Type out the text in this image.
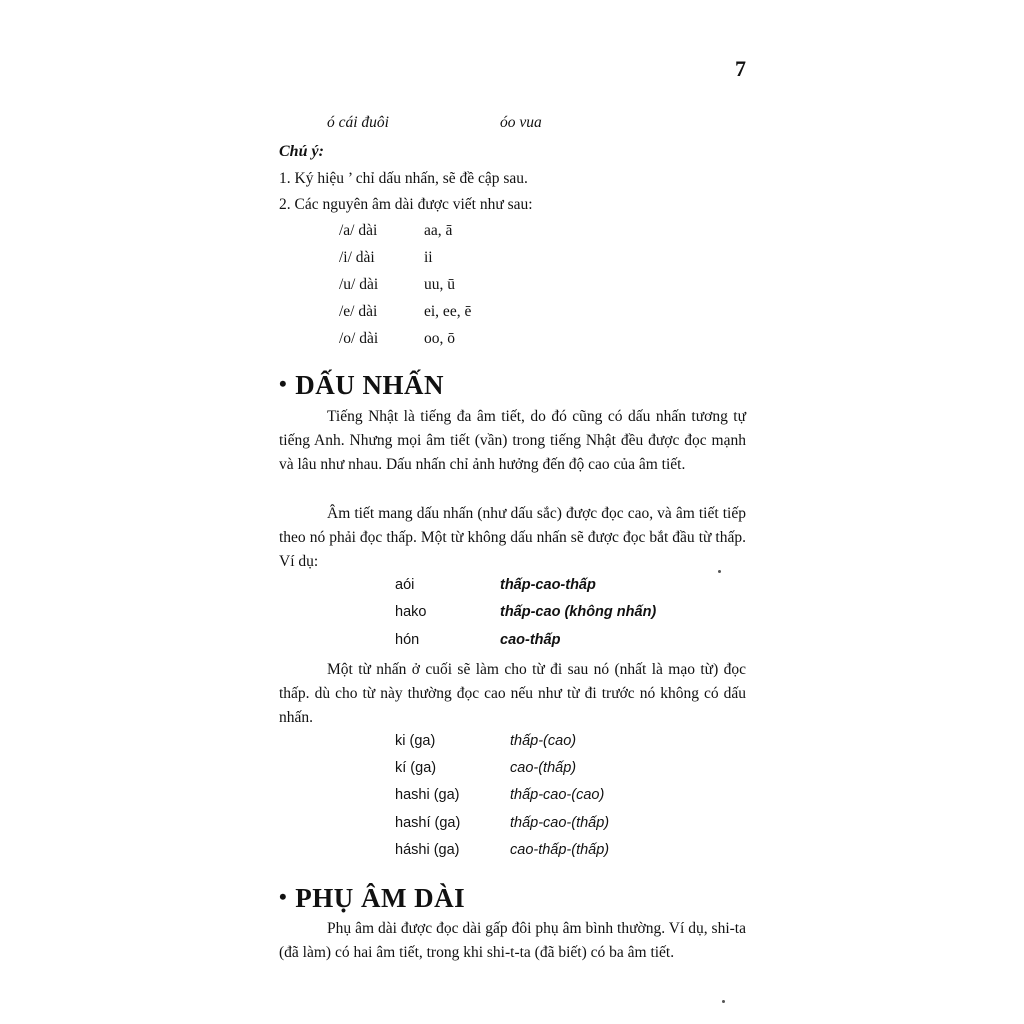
7
ó cái đuôi	óo vua
Chú ý:
1. Ký hiệu ’ chỉ dấu nhấn, sẽ đề cập sau.
2. Các nguyên âm dài được viết như sau:
/a/ dài	aa, ā
/i/ dài	ii
/u/ dài	uu, ū
/e/ dài	ei, ee, ē
/o/ dài	oo, ō
• DẤU NHẤN
Tiếng Nhật là tiếng đa âm tiết, do đó cũng có dấu nhấn tương tự tiếng Anh. Nhưng mọi âm tiết (vần) trong tiếng Nhật đều được đọc mạnh và lâu như nhau. Dấu nhấn chỉ ảnh hưởng đến độ cao của âm tiết.
Âm tiết mang dấu nhấn (như dấu sắc) được đọc cao, và âm tiết tiếp theo nó phải đọc thấp. Một từ không dấu nhấn sẽ được đọc bắt đầu từ thấp. Ví dụ:
aói	thấp-cao-thấp
hako	thấp-cao (không nhấn)
hón	cao-thấp
Một từ nhấn ở cuối sẽ làm cho từ đi sau nó (nhất là mạo từ) đọc thấp. dù cho từ này thường đọc cao nếu như từ đi trước nó không có dấu nhấn.
ki (ga)	thấp-(cao)
kí (ga)	cao-(thấp)
hashi (ga)	thấp-cao-(cao)
hashí (ga)	thấp-cao-(thấp)
háshi (ga)	cao-thấp-(thấp)
• PHỤ ÂM DÀI
Phụ âm dài được đọc dài gấp đôi phụ âm bình thường. Ví dụ, shi-ta (đã làm) có hai âm tiết, trong khi shi-t-ta (đã biết) có ba âm tiết.
